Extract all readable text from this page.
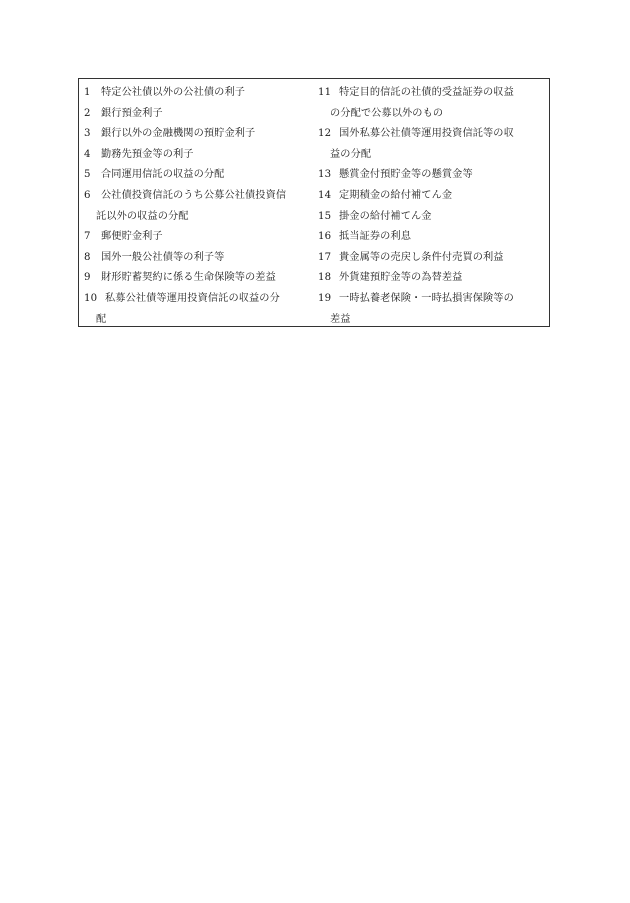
1	特定公社債以外の公社債の利子
2	銀行預金利子
3	銀行以外の金融機関の預貯金利子
4	勤務先預金等の利子
5	合同運用信託の収益の分配
6 公社債投資信託のうち公募公社債投資信
託以外の収益の分配
7	郵便貯金利子
8	国外一般公社債等の利子等
9	財形貯蓄契約に係る生命保険等の差益
10 私募公社債等運用投資信託の収益の分
配
11 特定目的信託の社債的受益証券の収益
の分配で公募以外のもの
12 国外私募公社債等運用投資信託等の収
益の分配
13 懸賞金付預貯金等の懸賞金等
14 定期積金の給付補てん金
15 掛金の給付補てん金
16 抵当証券の利息
17 貴金属等の売戻し条件付売買の利益
18 外貨建預貯金等の為替差益
19 一時払養老保険・一時払損害保険等の
差益
